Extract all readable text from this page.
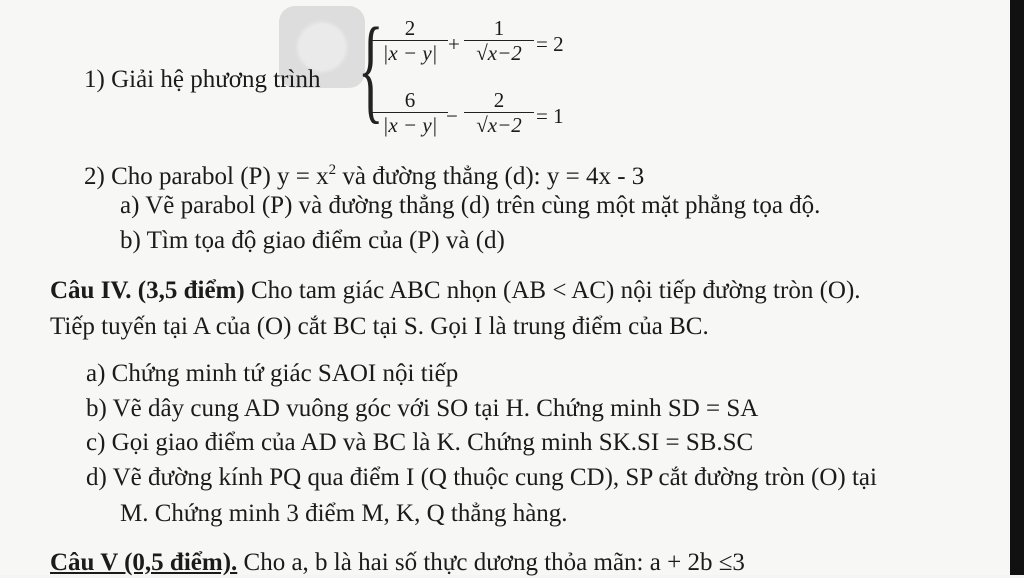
1) Giải hệ phương trình {	2
|x − y| +
1
√x−2 = 2
6
|x − y| −
2
√x−2 = 1
2) Cho parabol (P) $y = x^2$ và đường thẳng (d): y = 4x - 3
a) Vẽ parabol (P) và đường thẳng (d) trên cùng một mặt phẳng tọa độ.
b) Tìm tọa độ giao điểm của (P) và (d)
Câu IV. (3,5 điểm) Cho tam giác ABC nhọn (AB < AC) nội tiếp đường tròn (O).
Tiếp tuyến tại A của (O) cắt BC tại S. Gọi I là trung điểm của BC.
a) Chứng minh tứ giác SAOI nội tiếp
b) Vẽ dây cung AD vuông góc với SO tại H. Chứng minh SD = SA
c) Gọi giao điểm của AD và BC là K. Chứng minh SK.SI = SB.SC
d) Vẽ đường kính PQ qua điểm I (Q thuộc cung CD), SP cắt đường tròn (O) tại
M. Chứng minh 3 điểm M, K, Q thẳng hàng.
Câu V (0,5 điểm). Cho a, b là hai số thực dương thỏa mãn: a + 2b ≤3
